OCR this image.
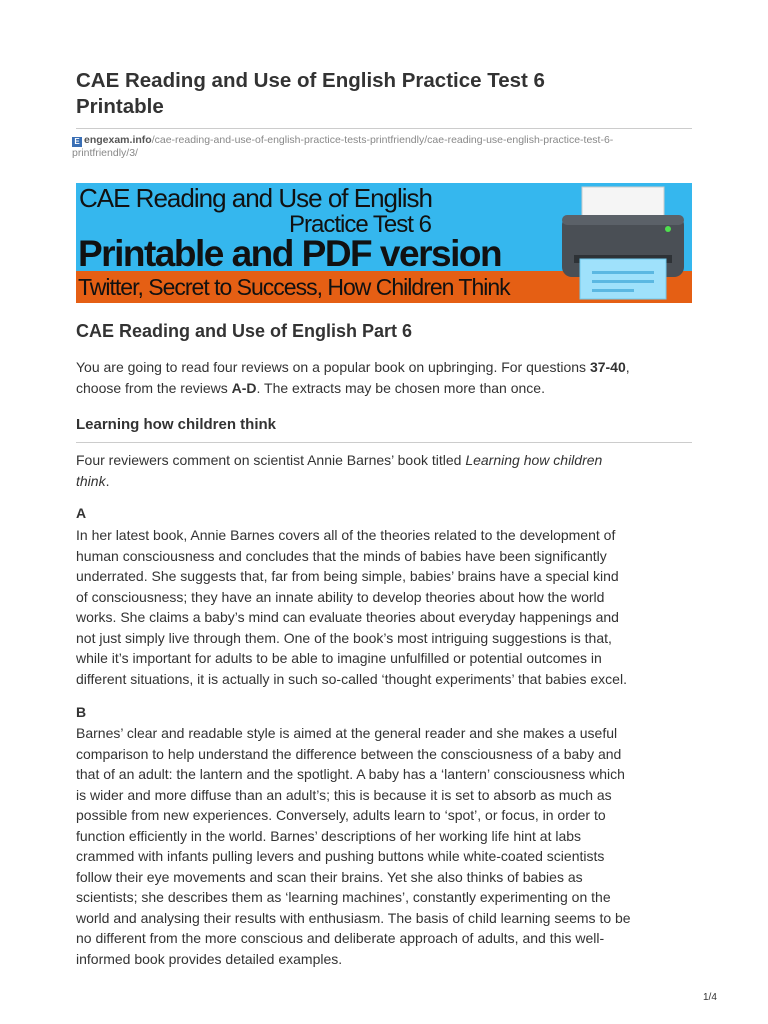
CAE Reading and Use of English Practice Test 6
Printable
E engexam.info/cae-reading-and-use-of-english-practice-tests-printfriendly/cae-reading-use-english-practice-test-6-
printfriendly/3/
CAE Reading and Use of English
Practice Test 6
Printable and PDF version
Twitter, Secret to Success, How Children Think
CAE Reading and Use of English Part 6

You are going to read four reviews on a popular book on upbringing. For questions 37-40,
choose from the reviews A-D. The extracts may be chosen more than once.

Learning how children think

Four reviewers comment on scientist Annie Barnes’ book titled Learning how children
think.

A

In her latest book, Annie Barnes covers all of the theories related to the development of
human consciousness and concludes that the minds of babies have been significantly
underrated. She suggests that, far from being simple, babies’ brains have a special kind
of consciousness; they have an innate ability to develop theories about how the world
works. She claims a baby’s mind can evaluate theories about everyday happenings and
not just simply live through them. One of the book’s most intriguing suggestions is that,
while it’s important for adults to be able to imagine unfulfilled or potential outcomes in
different situations, it is actually in such so-called ‘thought experiments’ that babies excel.

B

Barnes’ clear and readable style is aimed at the general reader and she makes a useful
comparison to help understand the difference between the consciousness of a baby and
that of an adult: the lantern and the spotlight. A baby has a ‘lantern’ consciousness which
is wider and more diffuse than an adult’s; this is because it is set to absorb as much as
possible from new experiences. Conversely, adults learn to ‘spot’, or focus, in order to
function efficiently in the world. Barnes’ descriptions of her working life hint at labs
crammed with infants pulling levers and pushing buttons while white-coated scientists
follow their eye movements and scan their brains. Yet she also thinks of babies as
scientists; she describes them as ‘learning machines’, constantly experimenting on the
world and analysing their results with enthusiasm. The basis of child learning seems to be
no different from the more conscious and deliberate approach of adults, and this well-
informed book provides detailed examples.

1/4
